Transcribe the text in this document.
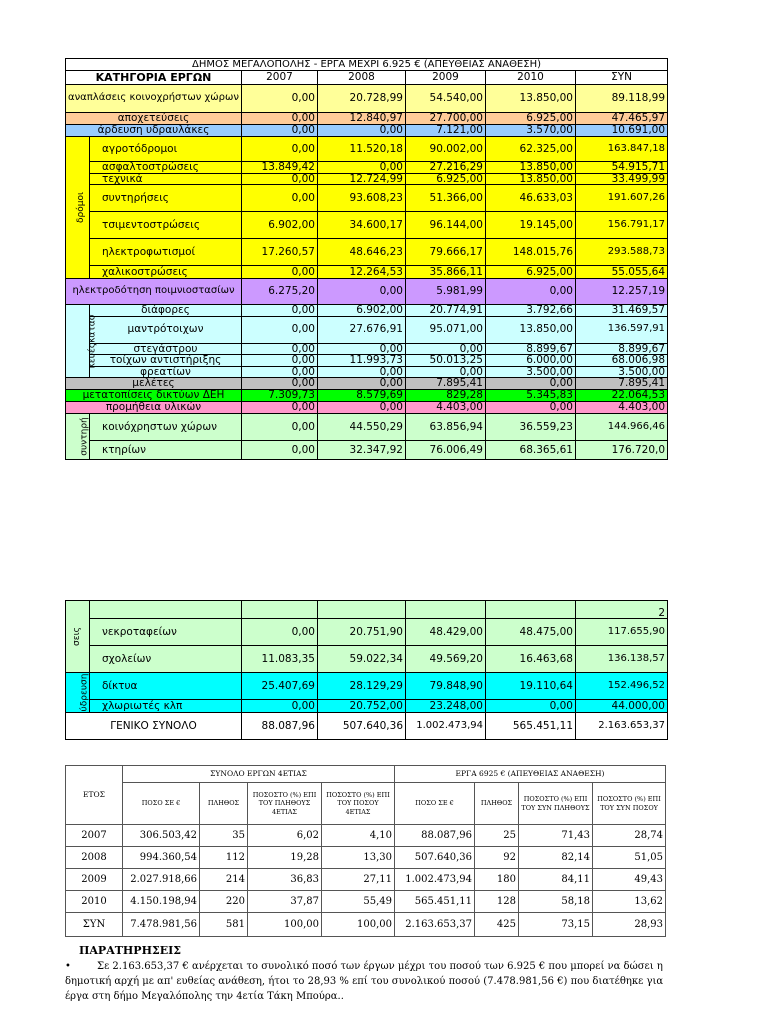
ΔΗΜΟΣ ΜΕΓΑΛΟΠΟΛΗΣ - ΕΡΓΑ ΜΕΧΡΙ 6.925 € (ΑΠΕΥΘΕΙΑΣ ΑΝΑΘΕΣΗ)						
ΚΑΤΗΓΟΡΙΑ ΕΡΓΩΝ		2007	2008	2009	2010	ΣΥΝ
αναπλάσεις κοινοχρήστων χώρων		0,00	20.728,99	54.540,00	13.850,00	89.118,99
αποχετεύσεις		0,00	12.840,97	27.700,00	6.925,00	47.465,97
άρδευση υδραυλάκες		0,00	0,00	7.121,00	3.570,00	10.691,00
δρόμοι	αγροτόδρομοι	0,00	11.520,18	90.002,00	62.325,00	163.847,18
	ασφαλτοστρώσεις	13.849,42	0,00	27.216,29	13.850,00	54.915,71
	τεχνικά	0,00	12.724,99	6.925,00	13.850,00	33.499,99
	συντηρήσεις	0,00	93.608,23	51.366,00	46.633,03	191.607,26
	τσιμεντοστρώσεις	6.902,00	34.600,17	96.144,00	19.145,00	156.791,17
	ηλεκτροφωτισμοί	17.260,57	48.646,23	79.666,17	148.015,76	293.588,73
	χαλικοστρώσεις	0,00	12.264,53	35.866,11	6.925,00	55.055,64
ηλεκτροδότηση ποιμνιοστασίων		6.275,20	0,00	5.981,99	0,00	12.257,19
κευέςκατασ	διάφορες	0,00	6.902,00	20.774,91	3.792,66	31.469,57
	μαντρότοιχων	0,00	27.676,91	95.071,00	13.850,00	136.597,91
	στεγάστρου	0,00	0,00	0,00	8.899,67	8.899,67
	τοίχων αντιστήριξης	0,00	11.993,73	50.013,25	6.000,00	68.006,98
	φρεατίων	0,00	0,00	0,00	3.500,00	3.500,00
μελέτες		0,00	0,00	7.895,41	0,00	7.895,41
μετατοπίσεις δικτύων ΔΕΗ		7.309,73	8.579,69	829,28	5.345,83	22.064,53
προμήθεια υλικών		0,00	0,00	4.403,00	0,00	4.403,00
συντηρή	κοινόχρηστων χώρων	0,00	44.550,29	63.856,94	36.559,23	144.966,46
	κτηρίων	0,00	32.347,92	76.006,49	68.365,61	176.720,0
σεις						2
	νεκροταφείων	0,00	20.751,90	48.429,00	48.475,00	117.655,90
	σχολείων	11.083,35	59.022,34	49.569,20	16.463,68	136.138,57
ύδρευση	δίκτυα	25.407,69	28.129,29	79.848,90	19.110,64	152.496,52
	χλωριωτές κλπ	0,00	20.752,00	23.248,00	0,00	44.000,00
ΓΕΝΙΚΟ ΣΥΝΟΛΟ		88.087,96	507.640,36	1.002.473,94	565.451,11	2.163.653,37
ΕΤΟΣ	ΣΥΝΟΛΟ ΕΡΓΩΝ 4ΕΤΙΑΣ				ΕΡΓΑ 6925 € (ΑΠΕΥΘΕΙΑΣ ΑΝΑΘΕΣΗ)			
	ΠΟΣΟ ΣΕ €	ΠΛΗΘΟΣ	ΠΟΣΟΣΤΟ (%) ΕΠΙ ΤΟΥ ΠΛΗΘΟΥΣ 4ΕΤΙΑΣ	ΠΟΣΟΣΤΟ (%) ΕΠΙ ΤΟΥ ΠΟΣΟΥ 4ΕΤΙΑΣ	ΠΟΣΟ ΣΕ €	ΠΛΗΘΟΣ	ΠΟΣΟΣΤΟ (%) ΕΠΙ ΤΟΥ ΣΥΝ ΠΛΗΘΟΥΣ	ΠΟΣΟΣΤΟ (%) ΕΠΙ ΤΟΥ ΣΥΝ ΠΟΣΟΥ
2007	306.503,42	35	6,02	4,10	88.087,96	25	71,43	28,74
2008	994.360,54	112	19,28	13,30	507.640,36	92	82,14	51,05
2009	2.027.918,66	214	36,83	27,11	1.002.473,94	180	84,11	49,43
2010	4.150.198,94	220	37,87	55,49	565.451,11	128	58,18	13,62
ΣΥΝ	7.478.981,56	581	100,00	100,00	2.163.653,37	425	73,15	28,93
ΠΑΡΑΤΗΡΗΣΕΙΣ
•	Σε 2.163.653,37 € ανέρχεται το συνολικό ποσό των έργων μέχρι του ποσού των 6.925 € που μπορεί να δώσει η δημοτική αρχή με απ' ευθείας ανάθεση, ήτοι το 28,93 % επί του συνολικού ποσού (7.478.981,56 €) που διατέθηκε για έργα στη δήμο Μεγαλόπολης την 4ετία Τάκη Μπούρα..
